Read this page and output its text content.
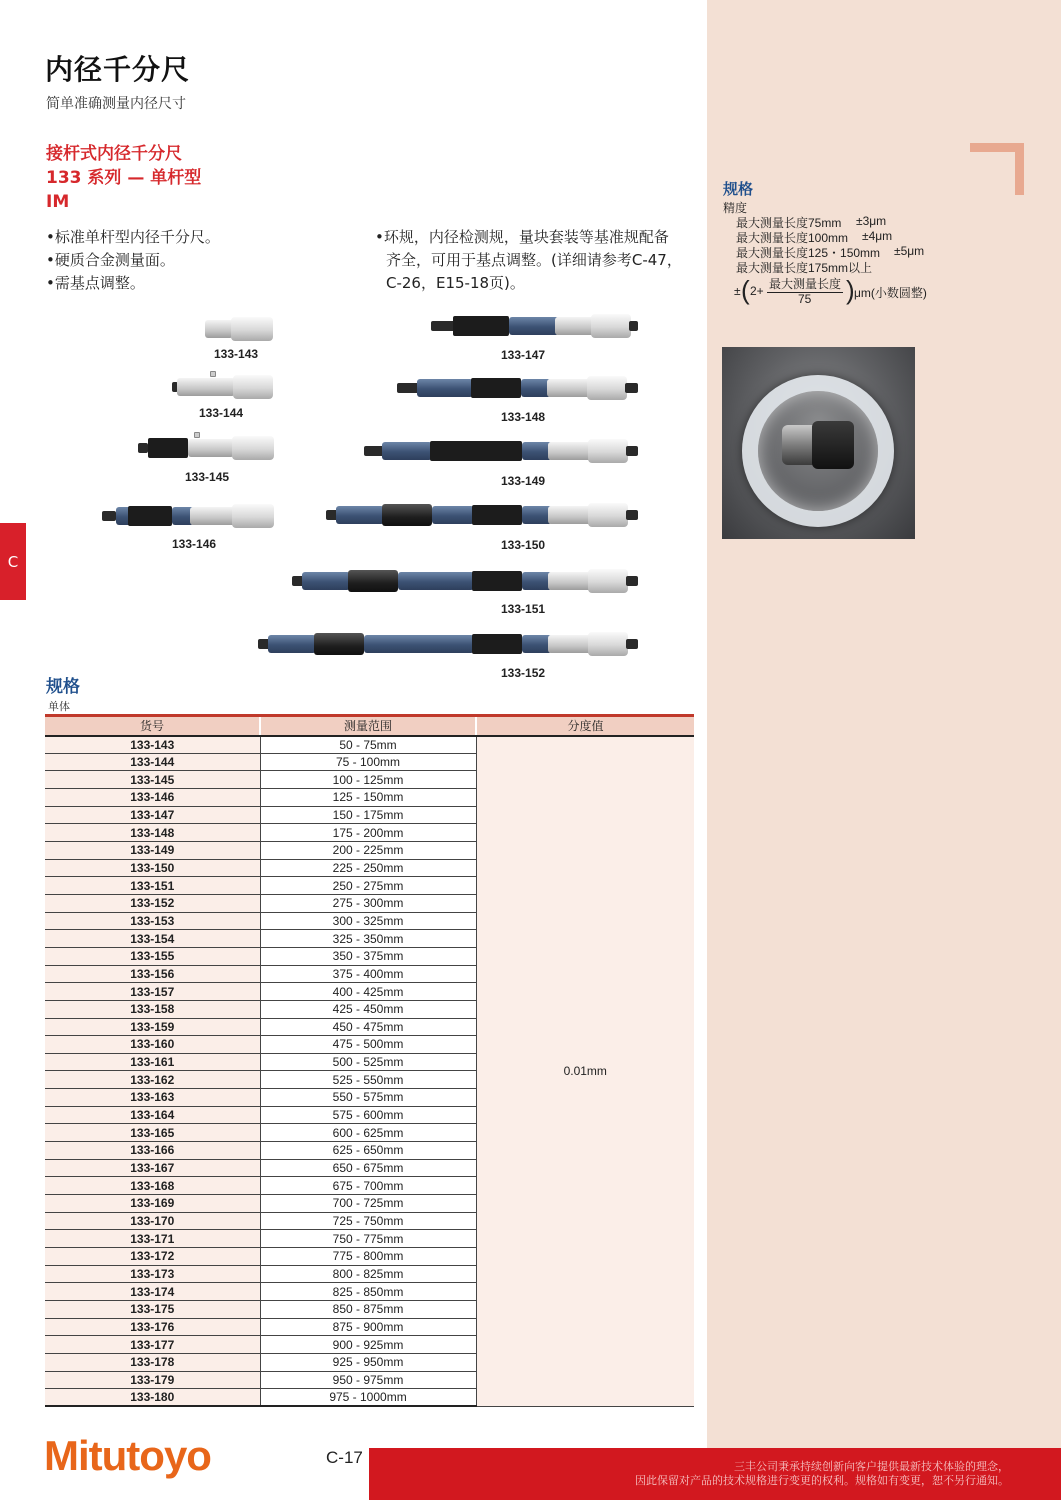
C
内径千分尺
简单准确测量内径尺寸
接杆式内径千分尺
133 系列 — 单杆型
IM
•标准单杆型内径千分尺。
•硬质合金测量面。
•需基点调整。
•环规，内径检测规，量块套装等基准规配备
齐全，可用于基点调整。(详细请参考C-47，
C-26，E15-18页)。
133-143
133-144
133-145
133-146
133-147
133-148
133-149
133-150
133-151
133-152
规格
单体
货号	测量范围	分度值
133-143	50 - 75mm	0.01mm
133-144	75 - 100mm	
133-145	100 - 125mm	
133-146	125 - 150mm	
133-147	150 - 175mm	
133-148	175 - 200mm	
133-149	200 - 225mm	
133-150	225 - 250mm	
133-151	250 - 275mm	
133-152	275 - 300mm	
133-153	300 - 325mm	
133-154	325 - 350mm	
133-155	350 - 375mm	
133-156	375 - 400mm	
133-157	400 - 425mm	
133-158	425 - 450mm	
133-159	450 - 475mm	
133-160	475 - 500mm	
133-161	500 - 525mm	
133-162	525 - 550mm	
133-163	550 - 575mm	
133-164	575 - 600mm	
133-165	600 - 625mm	
133-166	625 - 650mm	
133-167	650 - 675mm	
133-168	675 - 700mm	
133-169	700 - 725mm	
133-170	725 - 750mm	
133-171	750 - 775mm	
133-172	775 - 800mm	
133-173	800 - 825mm	
133-174	825 - 850mm	
133-175	850 - 875mm	
133-176	875 - 900mm	
133-177	900 - 925mm	
133-178	925 - 950mm	
133-179	950 - 975mm	
133-180	975 - 1000mm	
规格
精度
最大测量长度75mm ±3μm
最大测量长度100mm ±4μm
最大测量长度125・150mm ±5μm
最大测量长度175mm以上
± ( 2+ 最大测量长度
75 ) μm(小数圆整)
Mitutoyo	C-17	三丰公司秉承持续创新向客户提供最新技术体验的理念，
因此保留对产品的技术规格进行变更的权利。规格如有变更，恕不另行通知。
